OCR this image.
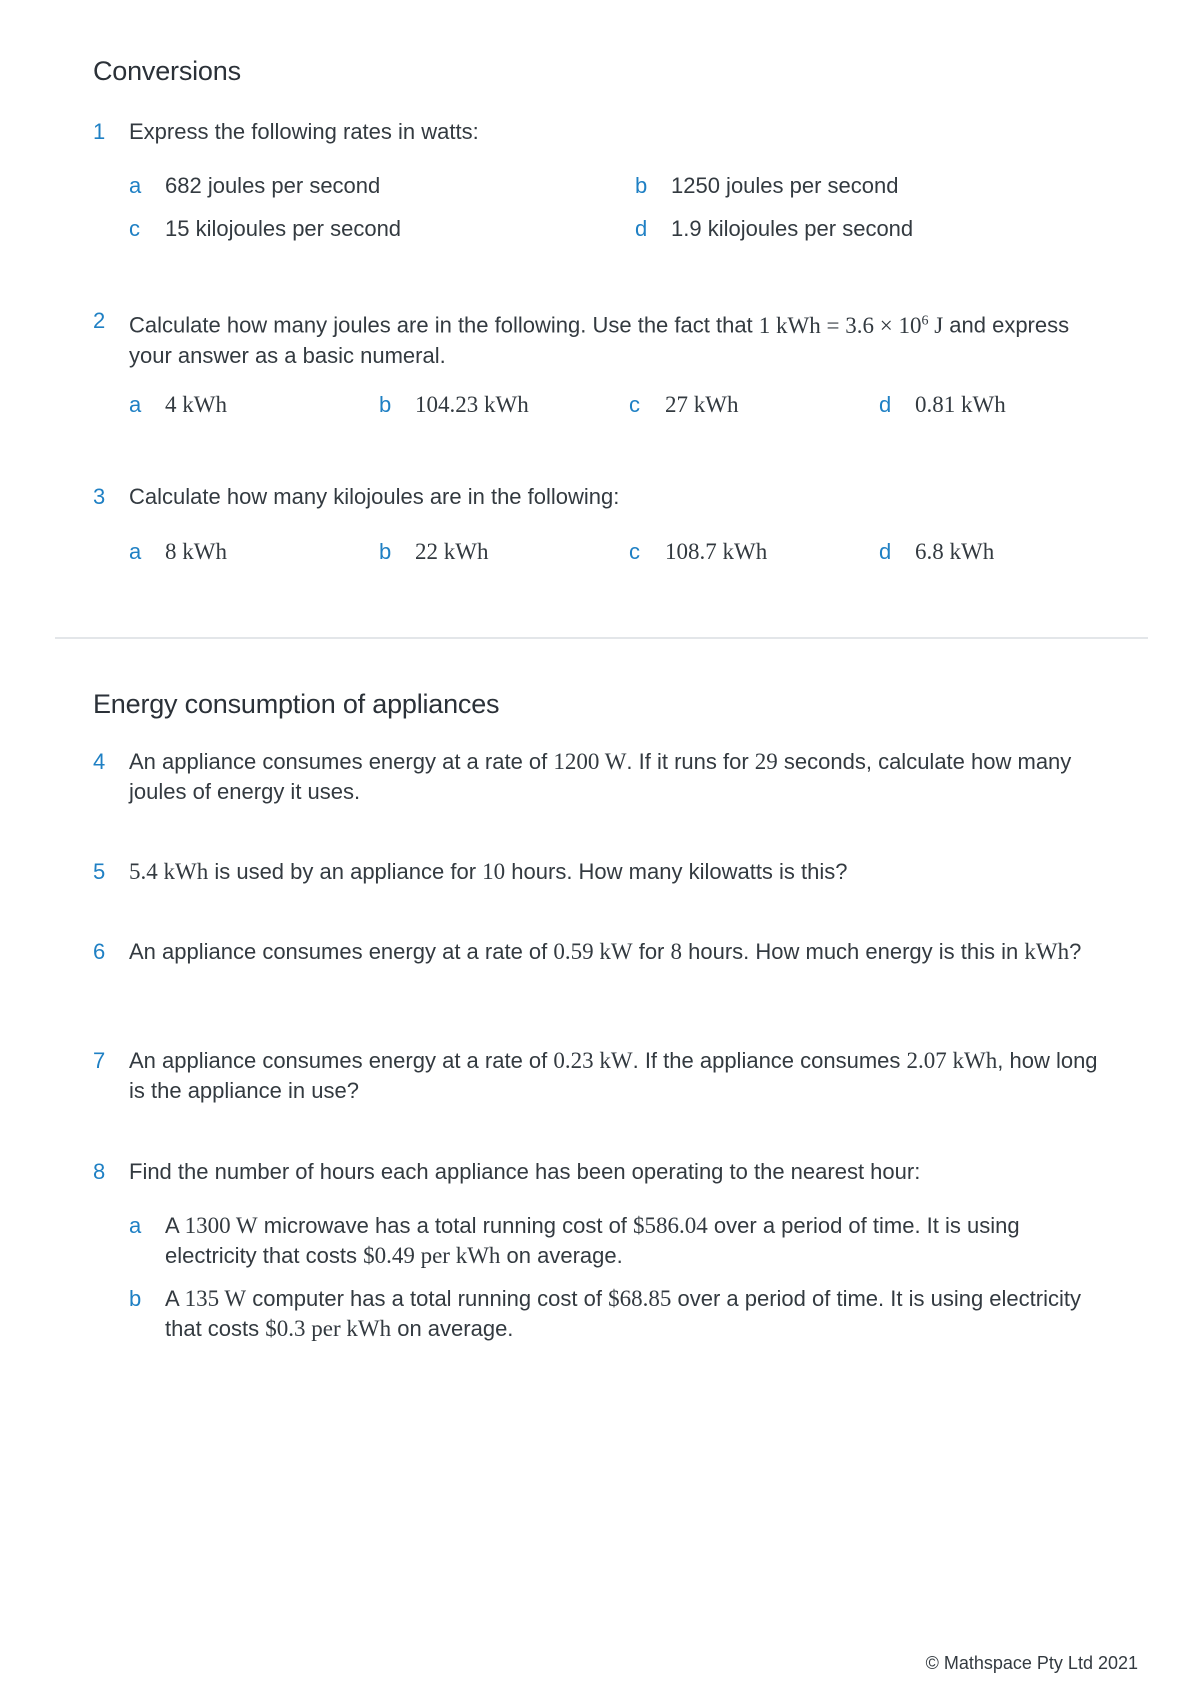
Conversions
1 Express the following rates in watts:
a 682 joules per second	b 1250 joules per second
c 15 kilojoules per second	d 1.9 kilojoules per second
2 Calculate how many joules are in the following. Use the fact that 1 kWh = $3.6 \times 10^6$ J and express your answer as a basic numeral.
a 4 kWh	b 104.23 kWh	c 27 kWh	d 0.81 kWh
3 Calculate how many kilojoules are in the following:
a 8 kWh	b 22 kWh	c 108.7 kWh	d 6.8 kWh
Energy consumption of appliances
4 An appliance consumes energy at a rate of 1200 W. If it runs for 29 seconds, calculate how many joules of energy it uses.
5 5.4 kWh is used by an appliance for 10 hours. How many kilowatts is this?
6 An appliance consumes energy at a rate of 0.59 kW for 8 hours. How much energy is this in kWh?
7 An appliance consumes energy at a rate of 0.23 kW. If the appliance consumes 2.07 kWh, how long is the appliance in use?
8 Find the number of hours each appliance has been operating to the nearest hour:
a A 1300 W microwave has a total running cost of $586.04 over a period of time. It is using electricity that costs $0.49 per kWh on average.
b A 135 W computer has a total running cost of $68.85 over a period of time. It is using electricity that costs $0.3 per kWh on average.
© Mathspace Pty Ltd 2021
